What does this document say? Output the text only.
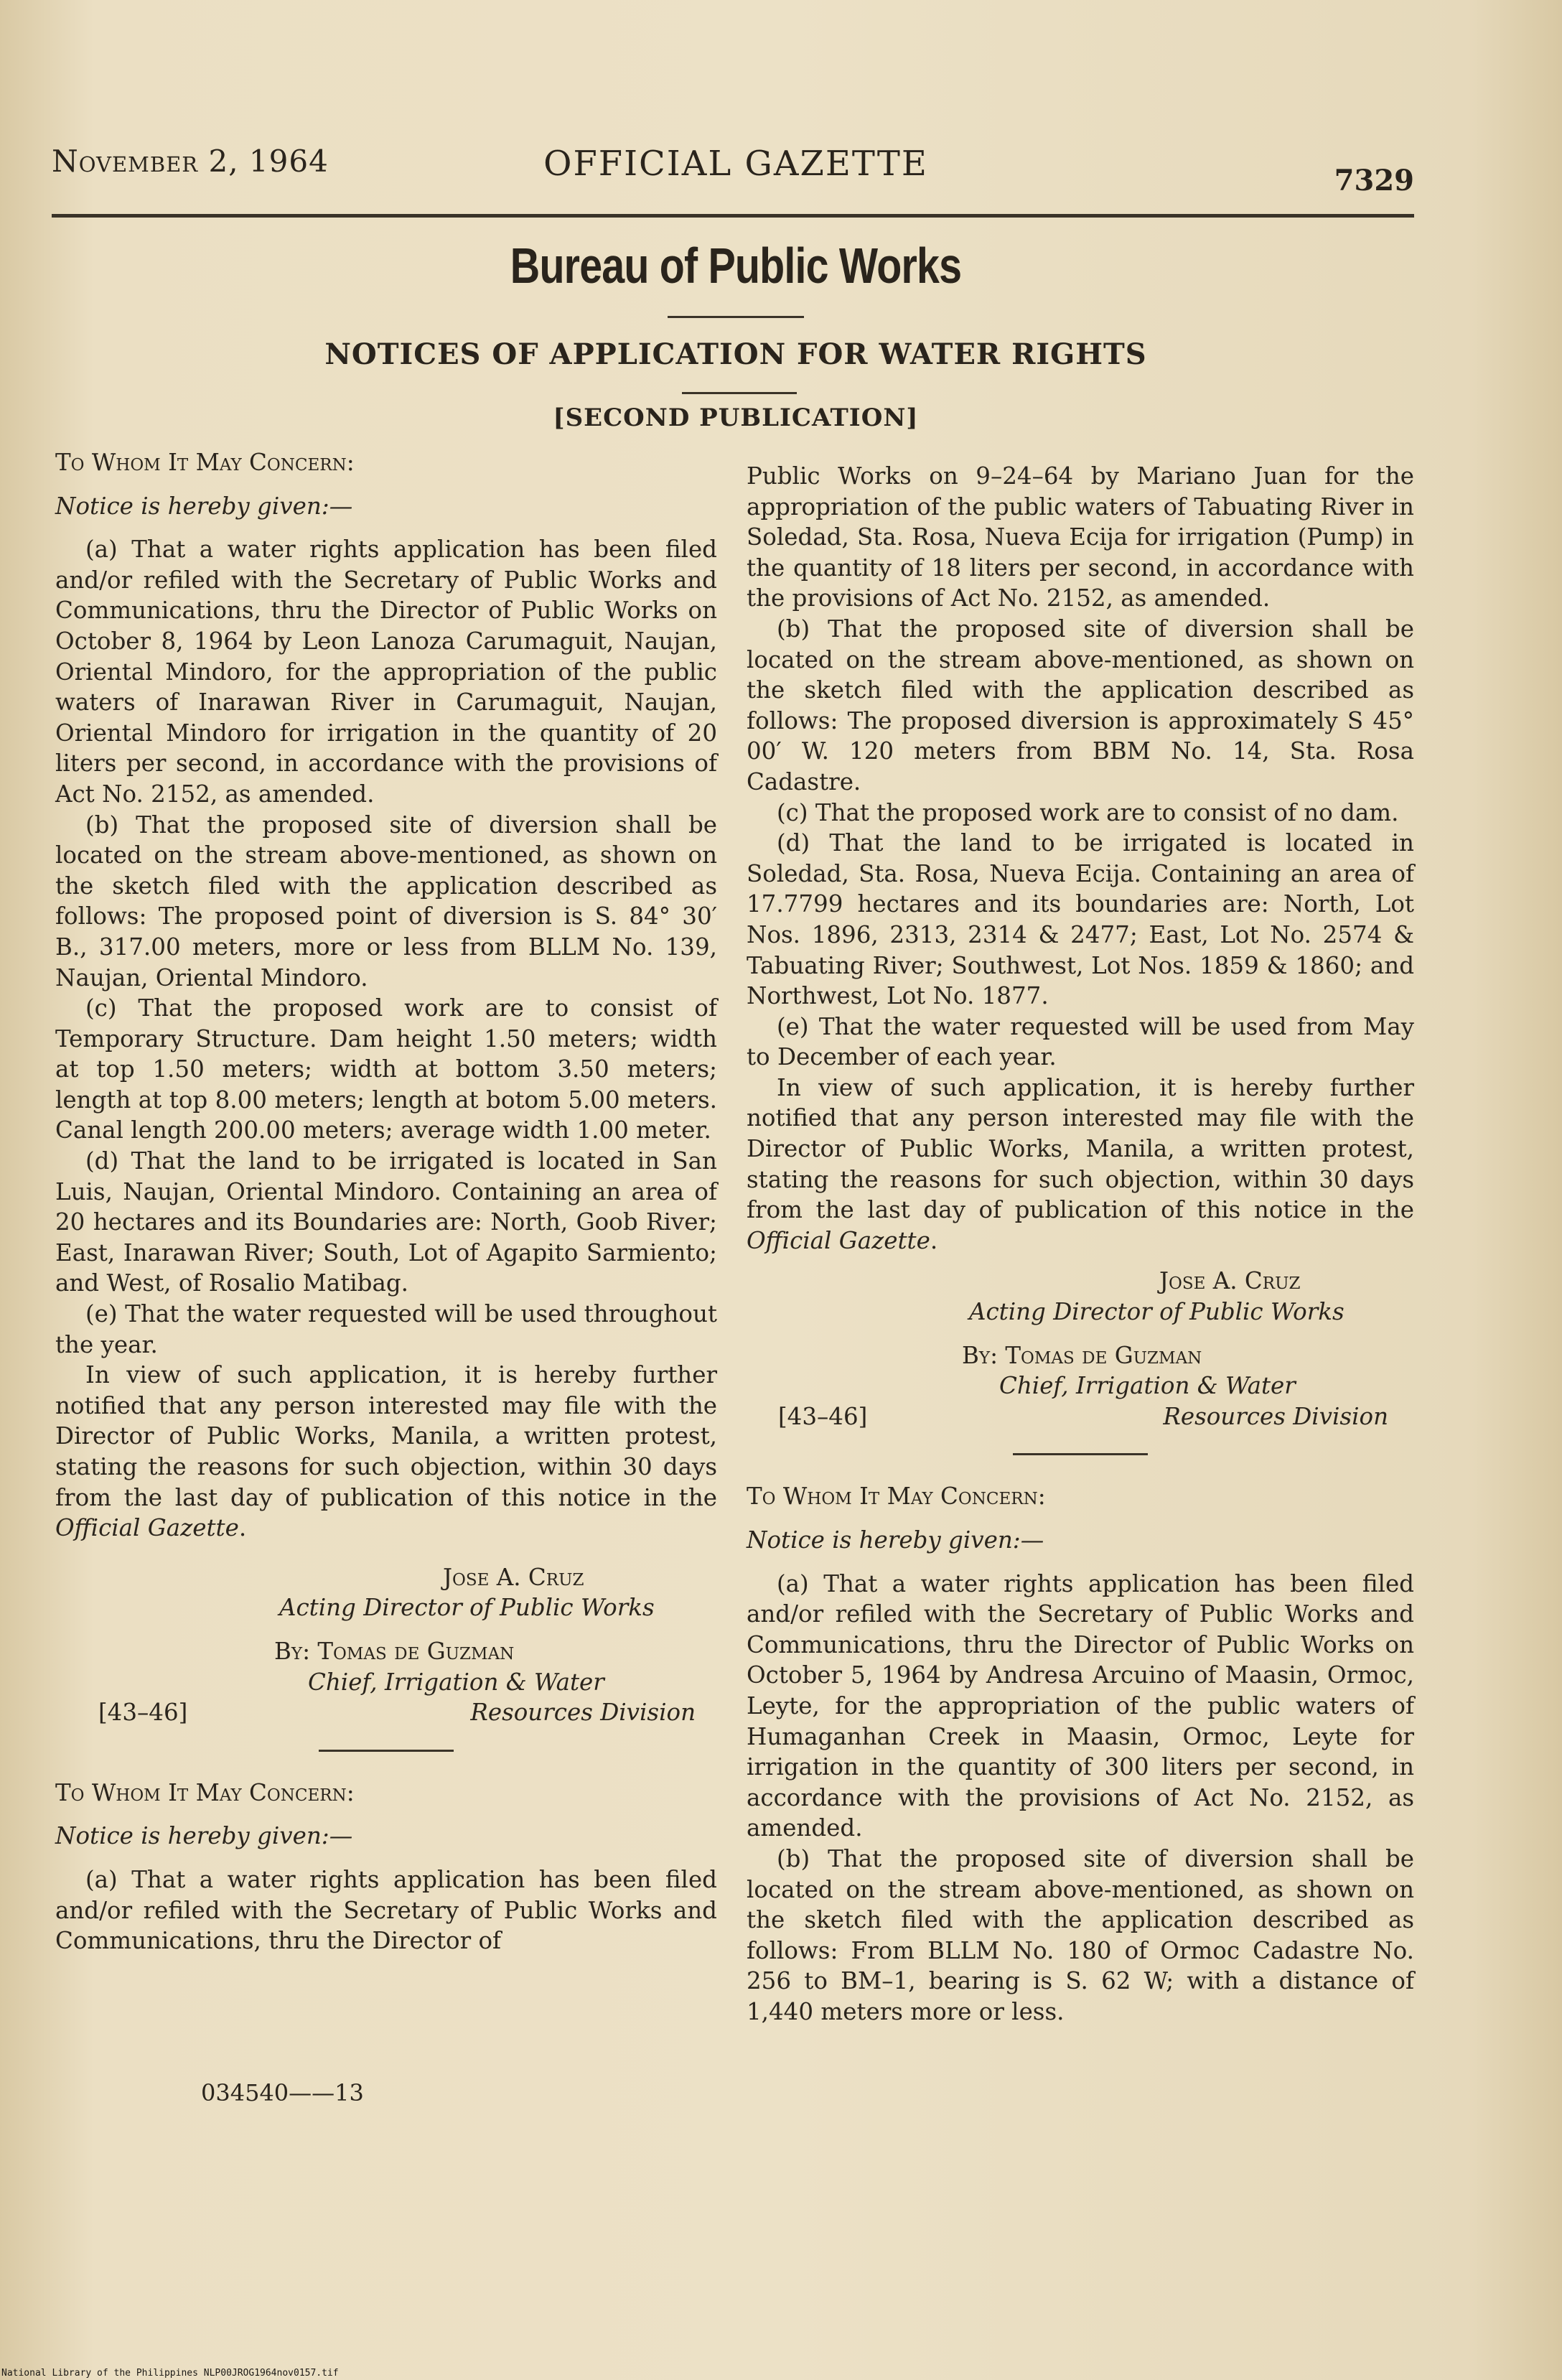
November 2, 1964	OFFICIAL GAZETTE	7329
Bureau of Public Works
NOTICES OF APPLICATION FOR WATER RIGHTS
[SECOND PUBLICATION]

To Whom It May Concern:

Notice is hereby given:—

(a) That a water rights application has been filed and/or refiled with the Secretary of Public Works and Communications, thru the Director of Public Works on October 8, 1964 by Leon Lanoza Carumaguit, Naujan, Oriental Mindoro, for the appropriation of the public waters of Inarawan River in Carumaguit, Naujan, Oriental Mindoro for irrigation in the quantity of 20 liters per second, in accordance with the provisions of Act No. 2152, as amended.

(b) That the proposed site of diversion shall be located on the stream above-mentioned, as shown on the sketch filed with the application described as follows: The proposed point of diversion is S. 84° 30′ B., 317.00 meters, more or less from BLLM No. 139, Naujan, Oriental Mindoro.

(c) That the proposed work are to consist of Temporary Structure. Dam height 1.50 meters; width at top 1.50 meters; width at bottom 3.50 meters; length at top 8.00 meters; length at botom 5.00 meters. Canal length 200.00 meters; average width 1.00 meter.

(d) That the land to be irrigated is located in San Luis, Naujan, Oriental Mindoro. Containing an area of 20 hectares and its Boundaries are: North, Goob River; East, Inarawan River; South, Lot of Agapito Sarmiento; and West, of Rosalio Matibag.

(e) That the water requested will be used throughout the year.

In view of such application, it is hereby further notified that any person interested may file with the Director of Public Works, Manila, a written protest, stating the reasons for such objection, within 30 days from the last day of publication of this notice in the Official Gazette.

Jose A. Cruz
Acting Director of Public Works
By: Tomas de Guzman
Chief, Irrigation & Water
[43–46]	Resources Division

To Whom It May Concern:

Notice is hereby given:—

(a) That a water rights application has been filed and/or refiled with the Secretary of Public Works and Communications, thru the Director of

034540——13

Public Works on 9–24–64 by Mariano Juan for the appropriation of the public waters of Tabuating River in Soledad, Sta. Rosa, Nueva Ecija for irrigation (Pump) in the quantity of 18 liters per second, in accordance with the provisions of Act No. 2152, as amended.

(b) That the proposed site of diversion shall be located on the stream above-mentioned, as shown on the sketch filed with the application described as follows: The proposed diversion is approximately S 45° 00′ W. 120 meters from BBM No. 14, Sta. Rosa Cadastre.

(c) That the proposed work are to consist of no dam.

(d) That the land to be irrigated is located in Soledad, Sta. Rosa, Nueva Ecija. Containing an area of 17.7799 hectares and its boundaries are: North, Lot Nos. 1896, 2313, 2314 & 2477; East, Lot No. 2574 & Tabuating River; Southwest, Lot Nos. 1859 & 1860; and Northwest, Lot No. 1877.

(e) That the water requested will be used from May to December of each year.

In view of such application, it is hereby further notified that any person interested may file with the Director of Public Works, Manila, a written protest, stating the reasons for such objection, within 30 days from the last day of publication of this notice in the Official Gazette.

Jose A. Cruz
Acting Director of Public Works
By: Tomas de Guzman
Chief, Irrigation & Water
[43–46]	Resources Division

To Whom It May Concern:

Notice is hereby given:—

(a) That a water rights application has been filed and/or refiled with the Secretary of Public Works and Communications, thru the Director of Public Works on October 5, 1964 by Andresa Arcuino of Maasin, Ormoc, Leyte, for the appropriation of the public waters of Humaganhan Creek in Maasin, Ormoc, Leyte for irrigation in the quantity of 300 liters per second, in accordance with the provisions of Act No. 2152, as amended.

(b) That the proposed site of diversion shall be located on the stream above-mentioned, as shown on the sketch filed with the application described as follows: From BLLM No. 180 of Ormoc Cadastre No. 256 to BM–1, bearing is S. 62 W; with a distance of 1,440 meters more or less.

National Library of the Philippines NLP00JROG1964nov0157.tif
